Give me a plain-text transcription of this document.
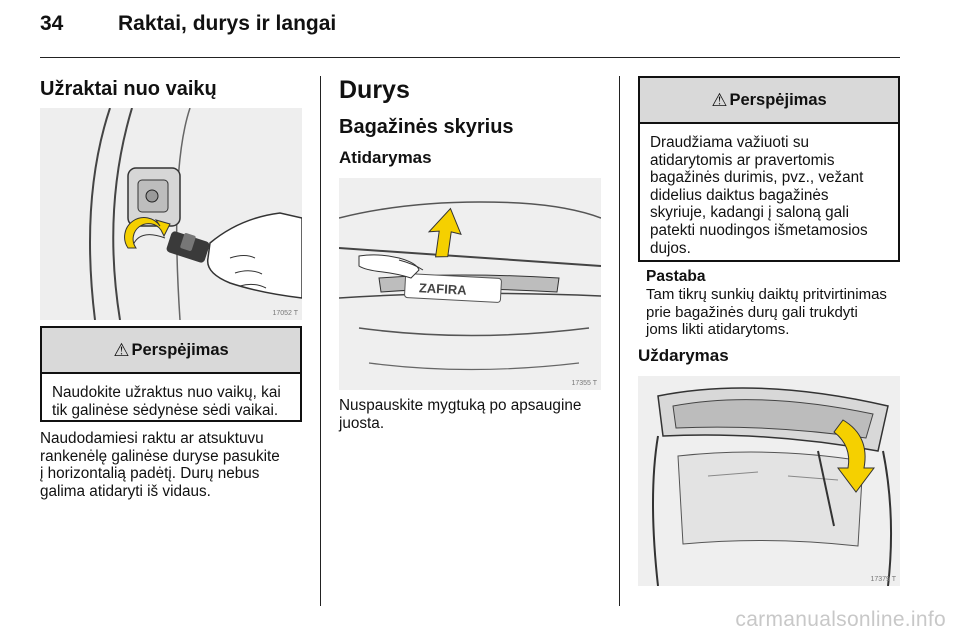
34	Raktai, durys ir langai
Užraktai nuo vaikų
17052 T
⚠ Perspėjimas
Naudokite užraktus nuo vaikų, kai
tik galinėse sėdynėse sėdi vaikai.
Naudodamiesi raktu ar atsuktuvu
rankenėlę galinėse duryse pasukite
į horizontalią padėtį. Durų nebus
galima atidaryti iš vidaus.
Durys
Bagažinės skyrius
Atidarymas
ZAFIRA
17355 T
Nuspauskite mygtuką po apsaugine
juosta.
⚠ Perspėjimas
Draudžiama važiuoti su
atidarytomis ar pravertomis
bagažinės durimis, pvz., vežant
didelius daiktus bagažinės
skyriuje, kadangi į saloną gali
patekti nuodingos išmetamosios
dujos.
Pastaba
Tam tikrų sunkių daiktų pritvirtinimas
prie bagažinės durų gali trukdyti
joms likti atidarytoms.
Uždarymas
17379 T
carmanualsonline.info
